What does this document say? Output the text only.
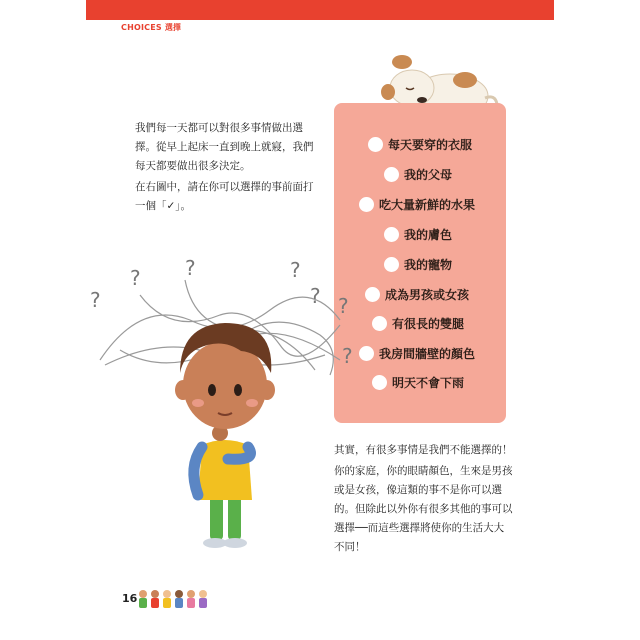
CHOICES 選擇
我們每一天都可以對很多事情做出選擇。從早上起床一直到晚上就寢，我們每天都要做出很多決定。
在右圖中，請在你可以選擇的事前面打一個「✓」。
每天要穿的衣服
我的父母
吃大量新鮮的水果
我的膚色
我的寵物
成為男孩或女孩
有很長的雙腿
我房間牆壁的顏色
明天不會下雨
? ?	?
?	? ?
?
其實，有很多事情是我們不能選擇的！
你的家庭，你的眼睛顏色，生來是男孩或是女孩，像這類的事不是你可以選的。但除此以外你有很多其他的事可以選擇──而這些選擇將使你的生活大大不同！
16
